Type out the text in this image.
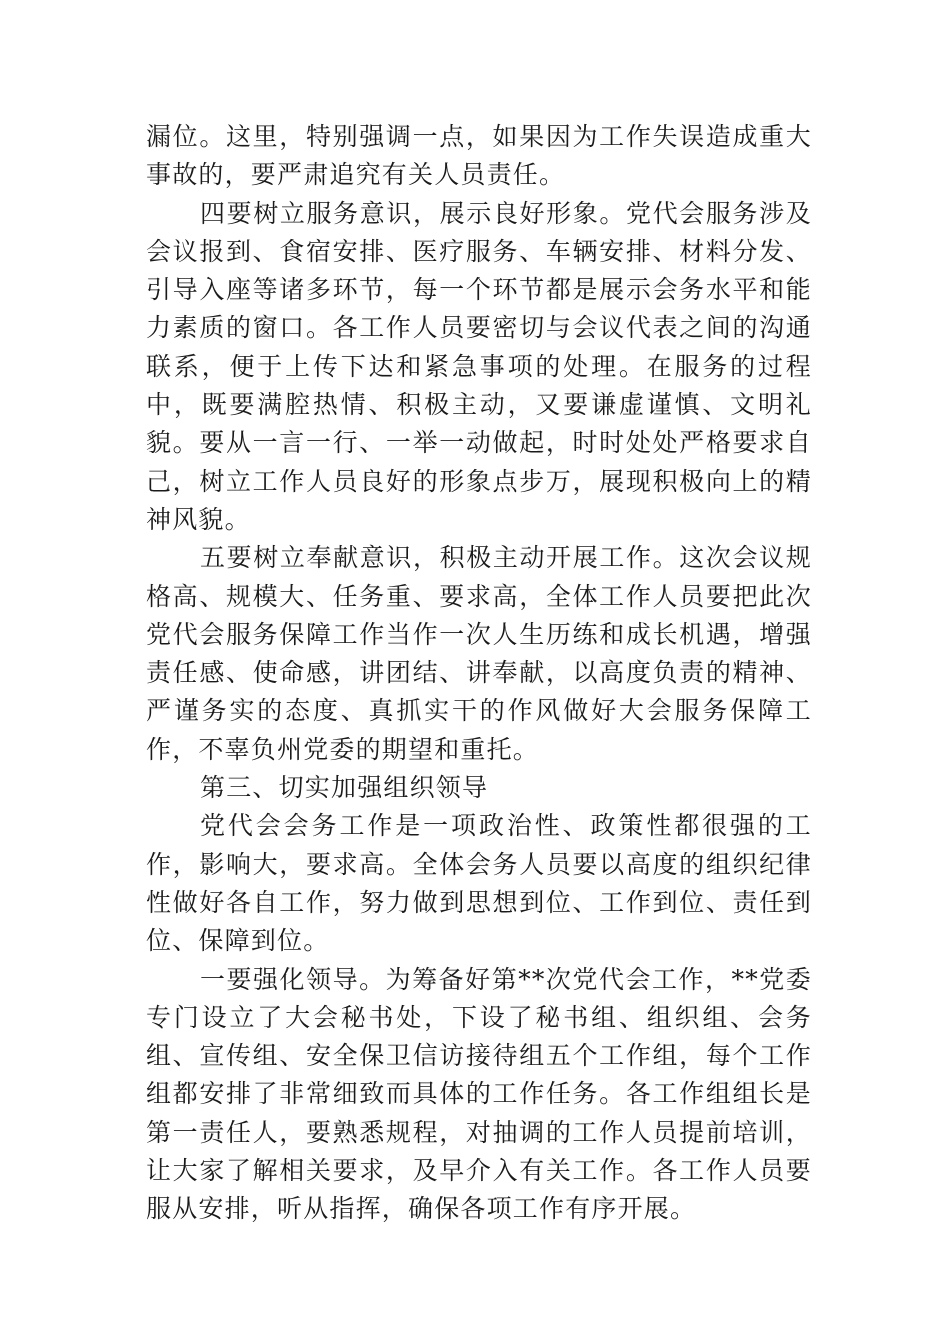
漏位。这里，特别强调一点，如果因为工作失误造成重大事故的，要严肃追究有关人员责任。

四要树立服务意识，展示良好形象。党代会服务涉及会议报到、食宿安排、医疗服务、车辆安排、材料分发、引导入座等诸多环节，每一个环节都是展示会务水平和能力素质的窗口。各工作人员要密切与会议代表之间的沟通联系，便于上传下达和紧急事项的处理。在服务的过程中，既要满腔热情、积极主动，又要谦虚谨慎、文明礼貌。要从一言一行、一举一动做起，时时处处严格要求自己，树立工作人员良好的形象点步万，展现积极向上的精神风貌。

五要树立奉献意识，积极主动开展工作。这次会议规格高、规模大、任务重、要求高，全体工作人员要把此次党代会服务保障工作当作一次人生历练和成长机遇，增强责任感、使命感，讲团结、讲奉献，以高度负责的精神、严谨务实的态度、真抓实干的作风做好大会服务保障工作，不辜负州党委的期望和重托。

第三、切实加强组织领导

党代会会务工作是一项政治性、政策性都很强的工作，影响大，要求高。全体会务人员要以高度的组织纪律性做好各自工作，努力做到思想到位、工作到位、责任到位、保障到位。

一要强化领导。为筹备好第**次党代会工作，**党委专门设立了大会秘书处，下设了秘书组、组织组、会务组、宣传组、安全保卫信访接待组五个工作组，每个工作组都安排了非常细致而具体的工作任务。各工作组组长是第一责任人，要熟悉规程，对抽调的工作人员提前培训，让大家了解相关要求，及早介入有关工作。各工作人员要服从安排，听从指挥，确保各项工作有序开展。
